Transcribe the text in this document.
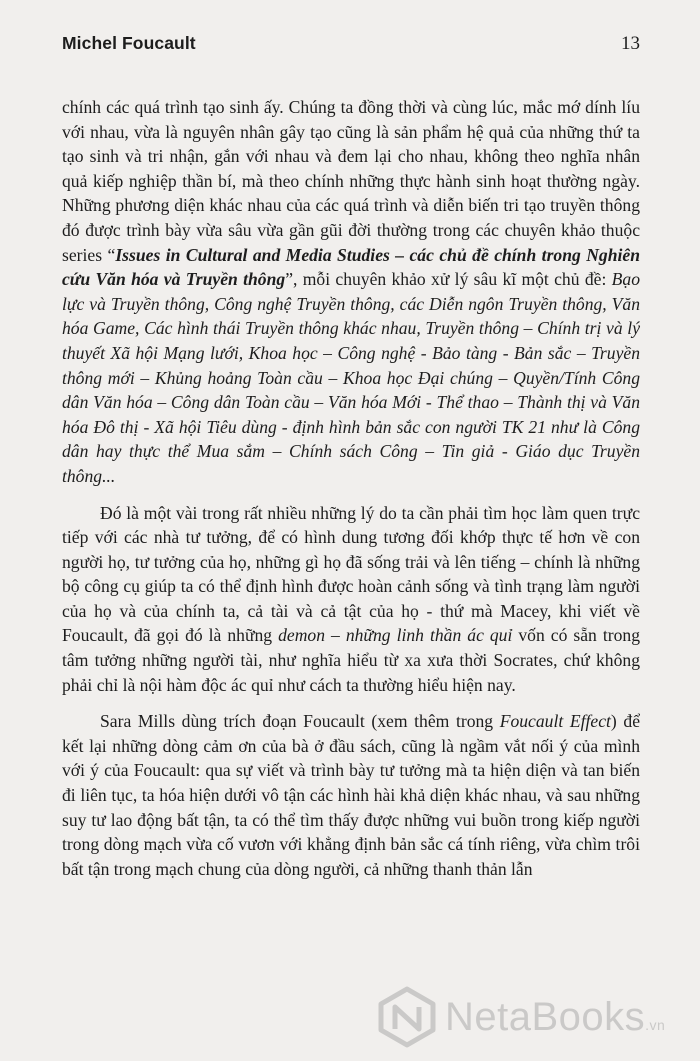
Michel Foucault	13

chính các quá trình tạo sinh ấy. Chúng ta đồng thời và cùng lúc, mắc mớ dính líu với nhau, vừa là nguyên nhân gây tạo cũng là sản phẩm hệ quả của những thứ ta tạo sinh và tri nhận, gắn với nhau và đem lại cho nhau, không theo nghĩa nhân quả kiếp nghiệp thần bí, mà theo chính những thực hành sinh hoạt thường ngày. Những phương diện khác nhau của các quá trình và diễn biến tri tạo truyền thông đó được trình bày vừa sâu vừa gần gũi đời thường trong các chuyên khảo thuộc series “Issues in Cultural and Media Studies – các chủ đề chính trong Nghiên cứu Văn hóa và Truyền thông”, mỗi chuyên khảo xử lý sâu kĩ một chủ đề: Bạo lực và Truyền thông, Công nghệ Truyền thông, các Diễn ngôn Truyền thông, Văn hóa Game, Các hình thái Truyền thông khác nhau, Truyền thông – Chính trị và lý thuyết Xã hội Mạng lưới, Khoa học – Công nghệ - Bảo tàng - Bản sắc – Truyền thông mới – Khủng hoảng Toàn cầu – Khoa học Đại chúng – Quyền/Tính Công dân Văn hóa – Công dân Toàn cầu – Văn hóa Mới - Thể thao – Thành thị và Văn hóa Đô thị - Xã hội Tiêu dùng - định hình bản sắc con người TK 21 như là Công dân hay thực thể Mua sắm – Chính sách Công – Tin giả - Giáo dục Truyền thông...

Đó là một vài trong rất nhiều những lý do ta cần phải tìm học làm quen trực tiếp với các nhà tư tưởng, để có hình dung tương đối khớp thực tế hơn về con người họ, tư tưởng của họ, những gì họ đã sống trải và lên tiếng – chính là những bộ công cụ giúp ta có thể định hình được hoàn cảnh sống và tình trạng làm người của họ và của chính ta, cả tài và cả tật của họ - thứ mà Macey, khi viết về Foucault, đã gọi đó là những demon – những linh thần ác quỉ vốn có sẵn trong tâm tưởng những người tài, như nghĩa hiểu từ xa xưa thời Socrates, chứ không phải chỉ là nội hàm độc ác quỉ như cách ta thường hiểu hiện nay.

Sara Mills dùng trích đoạn Foucault (xem thêm trong Foucault Effect) để kết lại những dòng cảm ơn của bà ở đầu sách, cũng là ngầm vắt nối ý của mình với ý của Foucault: qua sự viết và trình bày tư tưởng mà ta hiện diện và tan biến đi liên tục, ta hóa hiện dưới vô tận các hình hài khả diện khác nhau, và sau những suy tư lao động bất tận, ta có thể tìm thấy được những vui buồn trong kiếp người trong dòng mạch vừa cố vươn với khẳng định bản sắc cá tính riêng, vừa chìm trôi bất tận trong mạch chung của dòng người, cả những thanh thản lẫn

NetaBooks.vn
